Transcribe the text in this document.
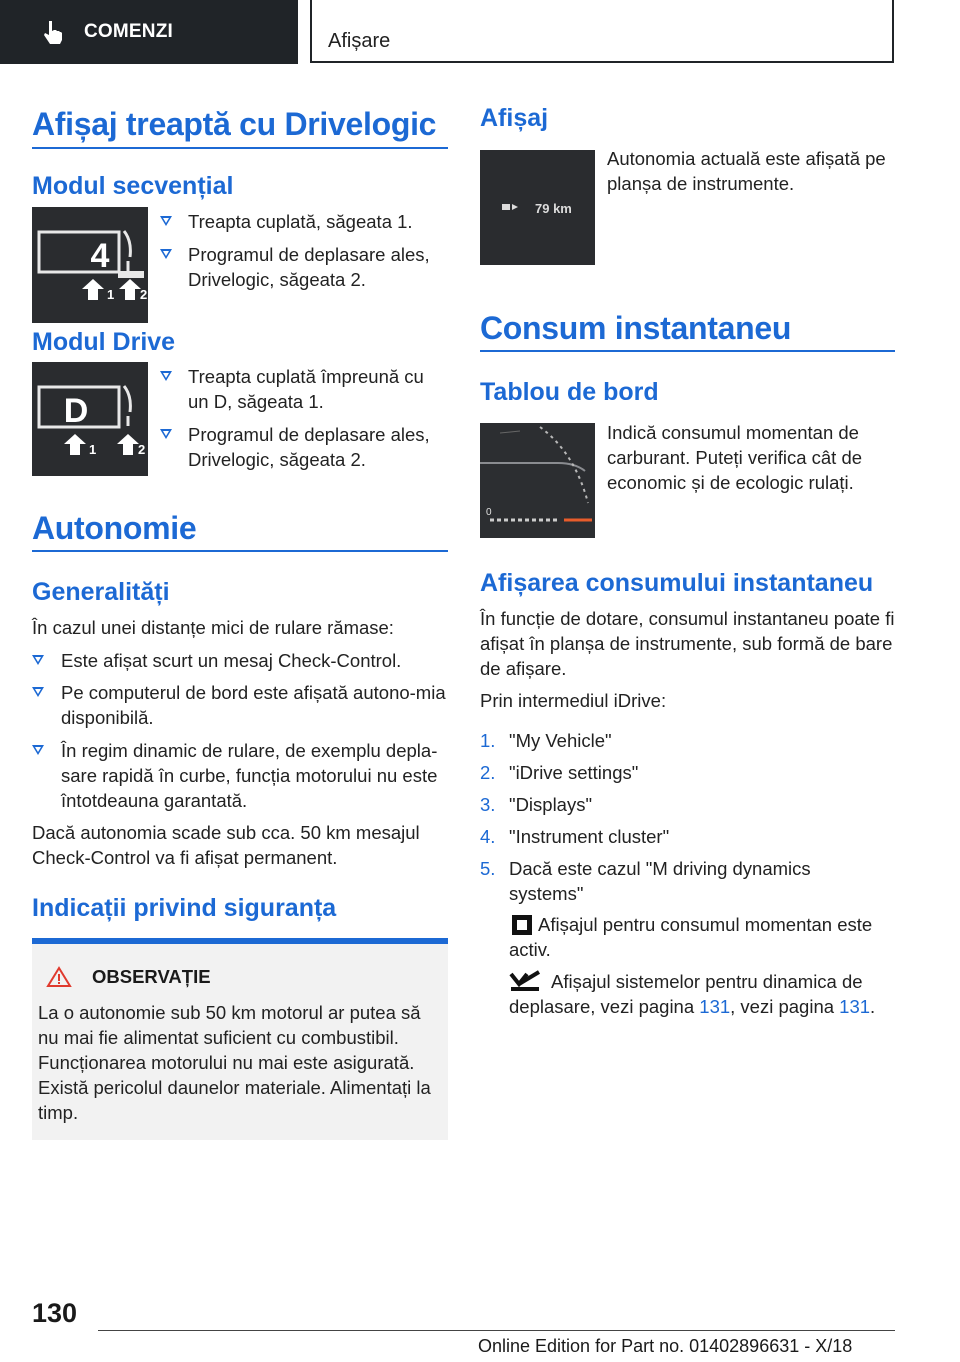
COMENZI	Afișare
Afișaj treaptă cu Drivelogic
Modul secvențial
4
1 2
Treapta cuplată, săgeata 1.
Programul de deplasare ales, Drivelogic, săgeata 2.
Modul Drive
D
1	2
Treapta cuplată împreună cu un D, săgeata 1.
Programul de deplasare ales, Drivelogic, săgeata 2.
Autonomie
Generalități

În cazul unei distanțe mici de rulare rămase:

Este afișat scurt un mesaj Check-Control.
Pe computerul de bord este afișată autono-mia disponibilă.
În regim dinamic de rulare, de exemplu depla-sare rapidă în curbe, funcția motorului nu este întotdeauna garantată.

Dacă autonomia scade sub cca. 50 km mesajul Check-Control va fi afișat permanent.

Indicații privind siguranța
OBSERVAȚIE

La o autonomie sub 50 km motorul ar putea să nu mai fie alimentat suficient cu combustibil. Funcționarea motorului nu mai este asigurată. Există pericolul daunelor materiale. Alimentați la timp.

Afișaj
79 km

Autonomia actuală este afișată pe planșa de instrumente.

Consum instantaneu
Tablou de bord
0

Indică consumul momentan de carburant. Puteți verifica cât de economic și de ecologic rulați.

Afișarea consumului instantaneu

În funcție de dotare, consumul instantaneu poate fi afișat în planșa de instrumente, sub formă de bare de afișare.

Prin intermediul iDrive:

1. "My Vehicle"
2. "iDrive settings"
3. "Displays"
4. "Instrument cluster"
5. Dacă este cazul "M driving dynamics systems"
Afișajul pentru consumul momentan este activ.
Afișajul sistemelor pentru dinamica de deplasare, vezi pagina 131, vezi pagina 131.
130
Online Edition for Part no. 01402896631 - X/18
